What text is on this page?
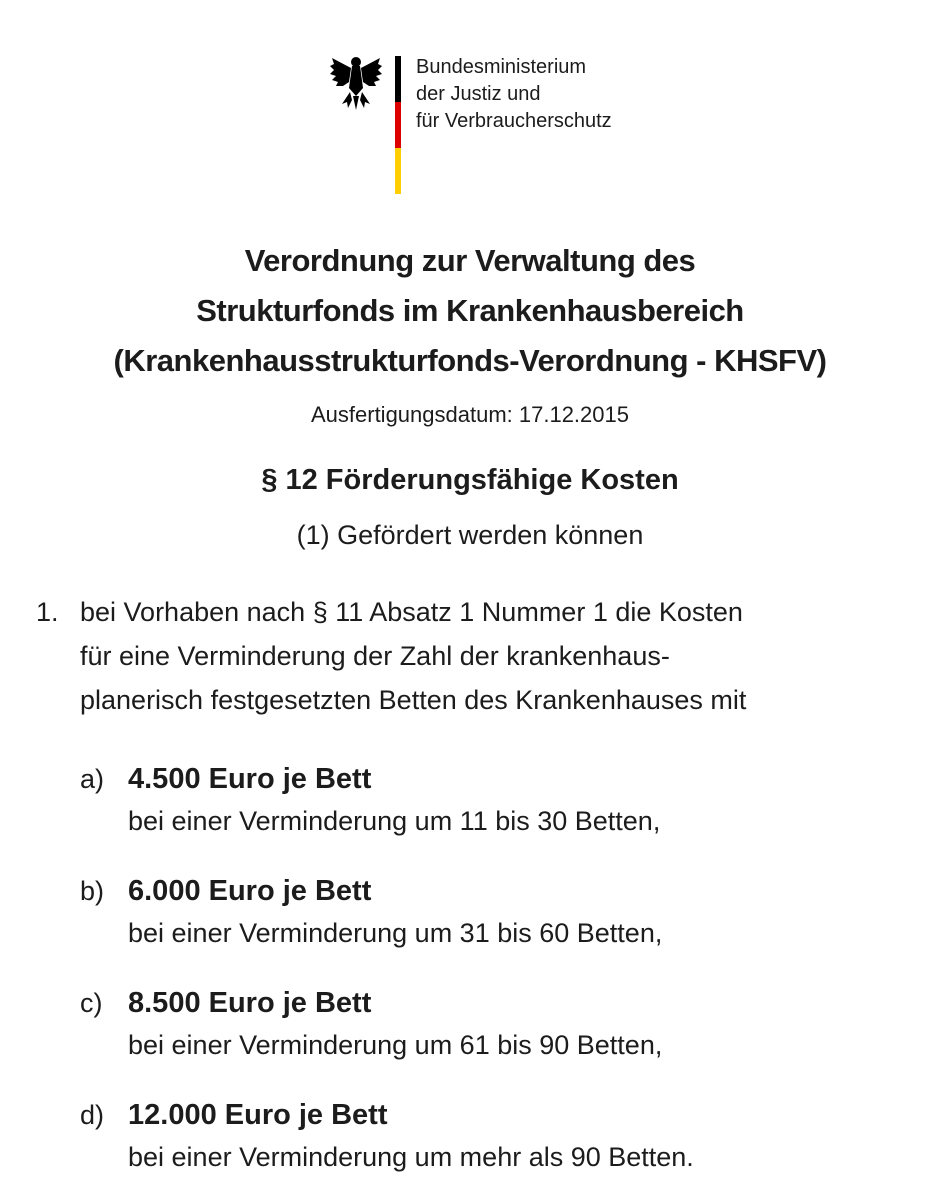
Bundesministerium
der Justiz und
für Verbraucherschutz
Verordnung zur Verwaltung des
Strukturfonds im Krankenhausbereich
(Krankenhausstrukturfonds-Verordnung - KHSFV)
Ausfertigungsdatum: 17.12.2015
§ 12 Förderungsfähige Kosten
(1) Gefördert werden können
1. bei Vorhaben nach § 11 Absatz 1 Nummer 1 die Kosten
für eine Verminderung der Zahl der krankenhaus-
planerisch festgesetzten Betten des Krankenhauses mit
a) 4.500 Euro je Bett
bei einer Verminderung um 11 bis 30 Betten,
b) 6.000 Euro je Bett
bei einer Verminderung um 31 bis 60 Betten,
c) 8.500 Euro je Bett
bei einer Verminderung um 61 bis 90 Betten,
d) 12.000 Euro je Bett
bei einer Verminderung um mehr als 90 Betten.
